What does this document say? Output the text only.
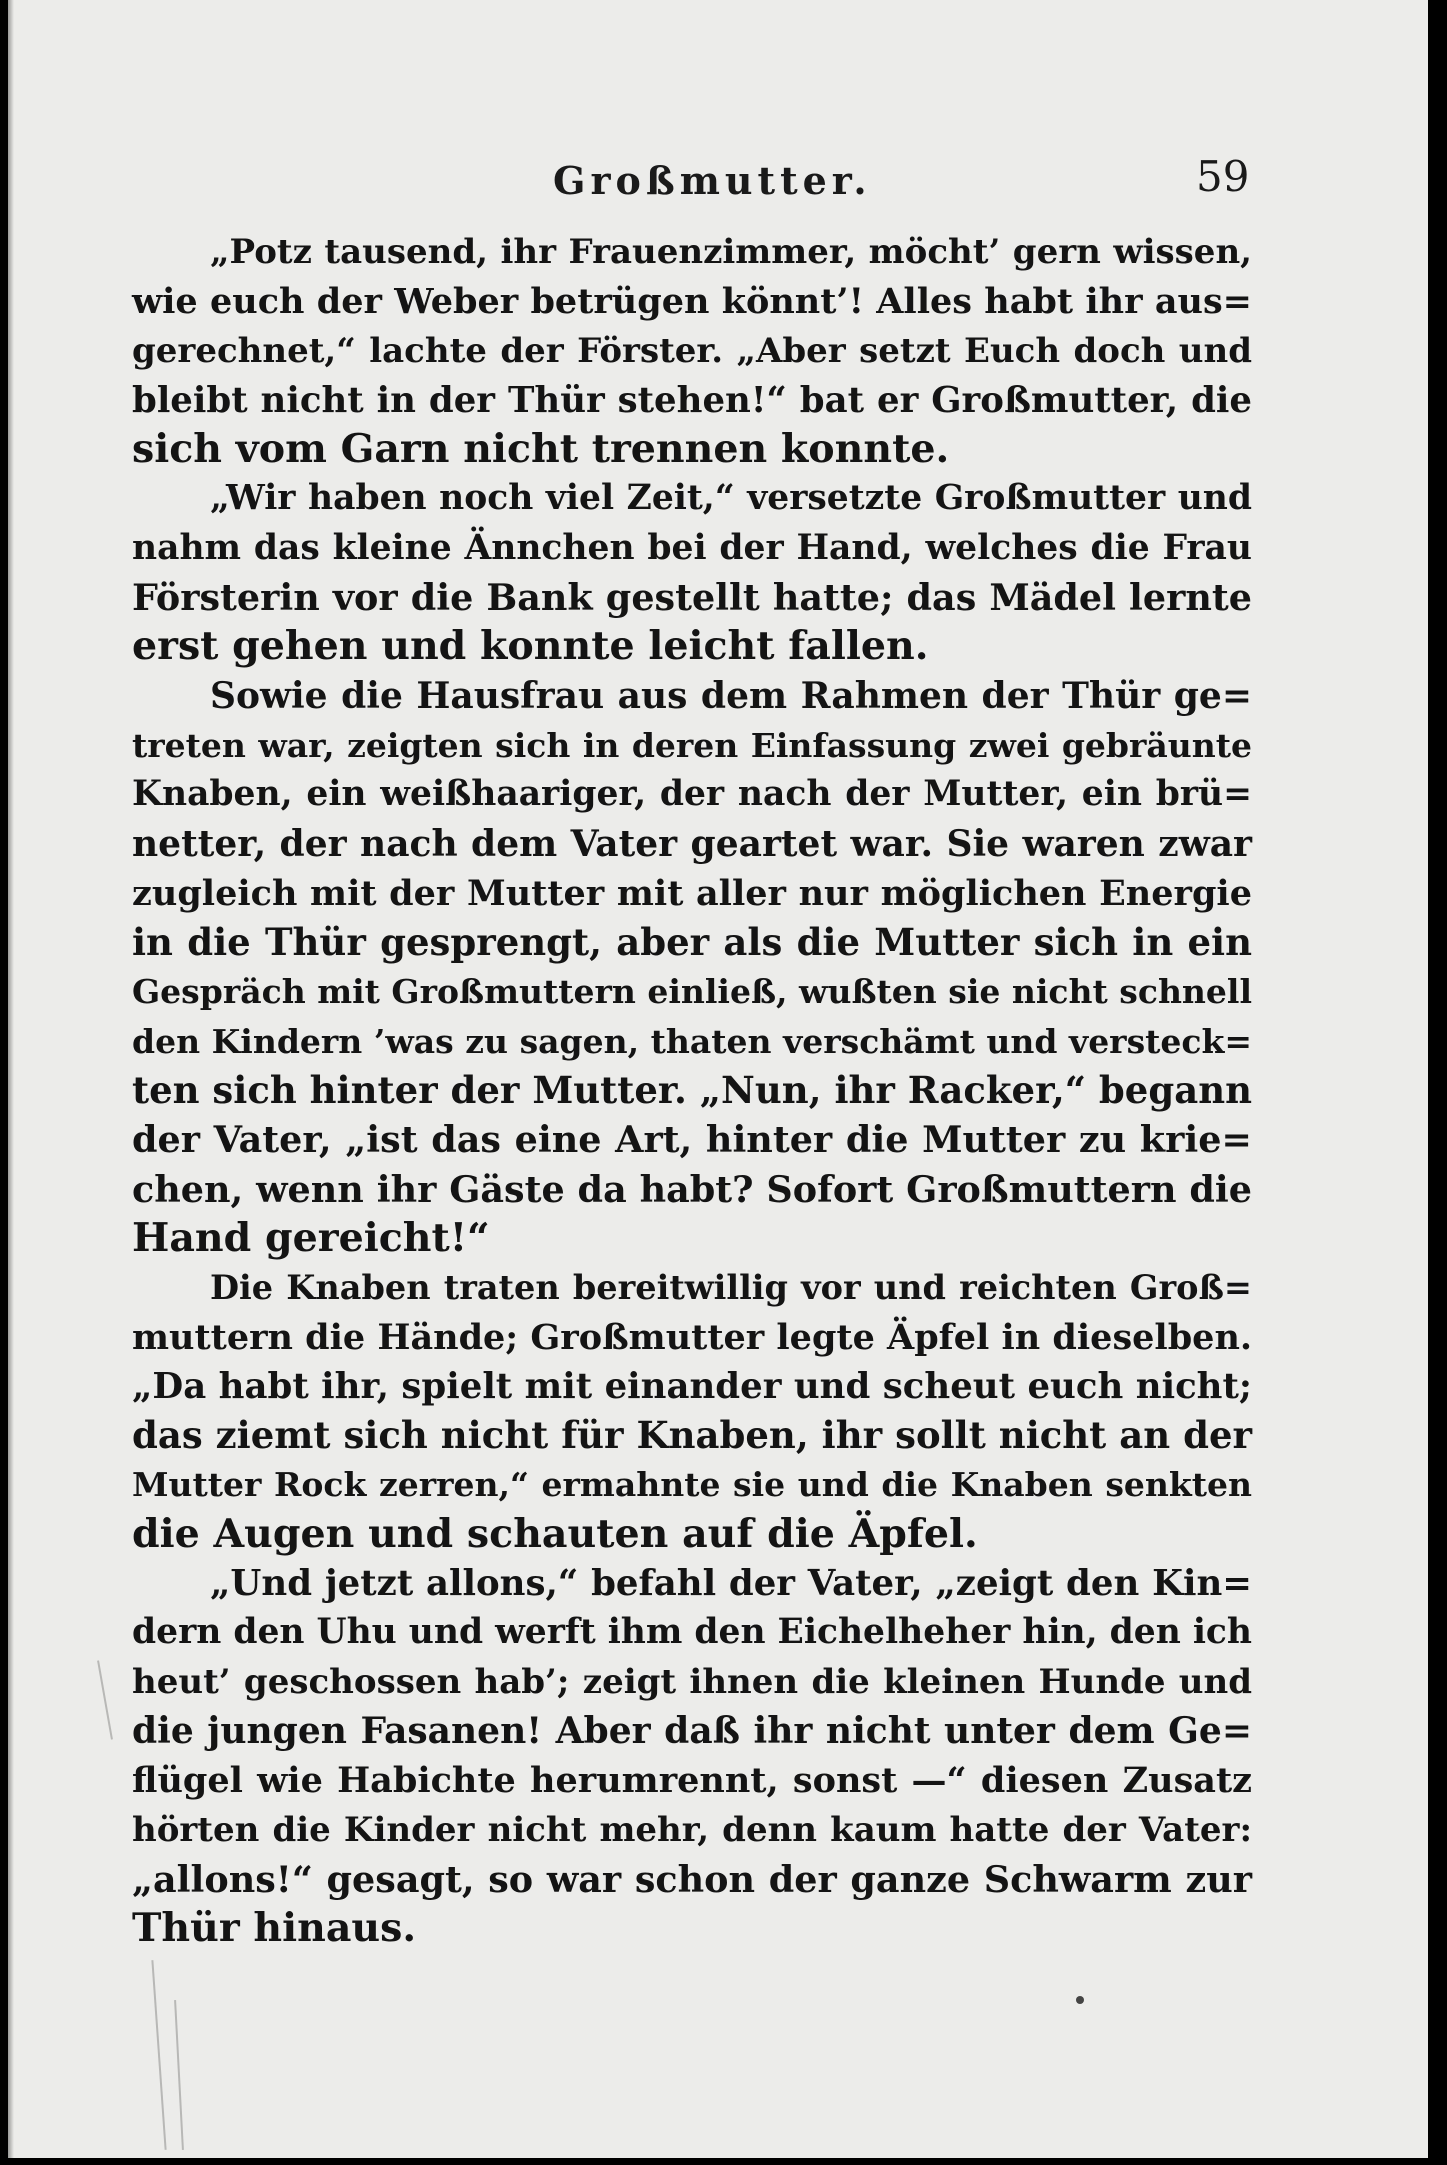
Großmutter.	59
„Potz tausend, ihr Frauenzimmer, möcht’ gern wissen,
wie euch der Weber betrügen könnt’! Alles habt ihr aus=
gerechnet,“ lachte der Förster. „Aber setzt Euch doch und
bleibt nicht in der Thür stehen!“ bat er Großmutter, die
sich vom Garn nicht trennen konnte.
„Wir haben noch viel Zeit,“ versetzte Großmutter und
nahm das kleine Ännchen bei der Hand, welches die Frau
Försterin vor die Bank gestellt hatte; das Mädel lernte
erst gehen und konnte leicht fallen.
Sowie die Hausfrau aus dem Rahmen der Thür ge=
treten war, zeigten sich in deren Einfassung zwei gebräunte
Knaben, ein weißhaariger, der nach der Mutter, ein brü=
netter, der nach dem Vater geartet war. Sie waren zwar
zugleich mit der Mutter mit aller nur möglichen Energie
in die Thür gesprengt, aber als die Mutter sich in ein
Gespräch mit Großmuttern einließ, wußten sie nicht schnell
den Kindern ’was zu sagen, thaten verschämt und versteck=
ten sich hinter der Mutter. „Nun, ihr Racker,“ begann
der Vater, „ist das eine Art, hinter die Mutter zu krie=
chen, wenn ihr Gäste da habt? Sofort Großmuttern die
Hand gereicht!“
Die Knaben traten bereitwillig vor und reichten Groß=
muttern die Hände; Großmutter legte Äpfel in dieselben.
„Da habt ihr, spielt mit einander und scheut euch nicht;
das ziemt sich nicht für Knaben, ihr sollt nicht an der
Mutter Rock zerren,“ ermahnte sie und die Knaben senkten
die Augen und schauten auf die Äpfel.
„Und jetzt allons,“ befahl der Vater, „zeigt den Kin=
dern den Uhu und werft ihm den Eichelheher hin, den ich
heut’ geschossen hab’; zeigt ihnen die kleinen Hunde und
die jungen Fasanen! Aber daß ihr nicht unter dem Ge=
flügel wie Habichte herumrennt, sonst —“ diesen Zusatz
hörten die Kinder nicht mehr, denn kaum hatte der Vater:
„allons!“ gesagt, so war schon der ganze Schwarm zur
Thür hinaus.
